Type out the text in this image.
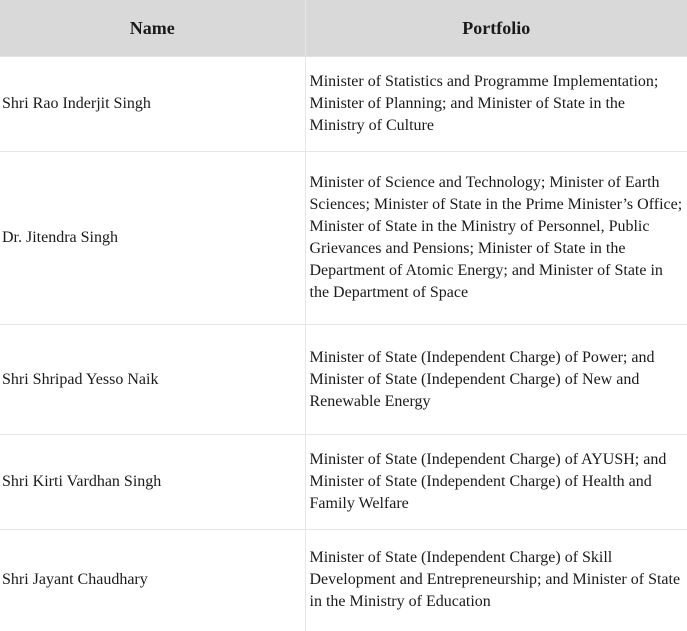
Name	Portfolio
Shri Rao Inderjit Singh	Minister of Statistics and Programme Implementation; Minister of Planning; and Minister of State in the Ministry of Culture
Dr. Jitendra Singh	Minister of Science and Technology; Minister of Earth Sciences; Minister of State in the Prime Minister’s Office; Minister of State in the Ministry of Personnel, Public Grievances and Pensions; Minister of State in the Department of Atomic Energy; and Minister of State in the Department of Space
Shri Shripad Yesso Naik	Minister of State (Independent Charge) of Power; and Minister of State (Independent Charge) of New and Renewable Energy
Shri Kirti Vardhan Singh	Minister of State (Independent Charge) of AYUSH; and Minister of State (Independent Charge) of Health and Family Welfare
Shri Jayant Chaudhary	Minister of State (Independent Charge) of Skill Development and Entrepreneurship; and Minister of State in the Ministry of Education
